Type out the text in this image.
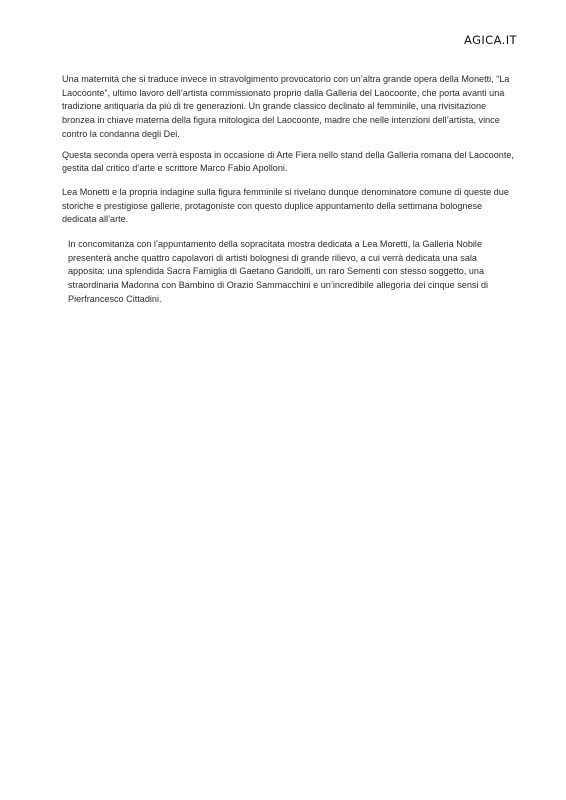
AGICA.IT

Una maternità che si traduce invece in stravolgimento provocatorio con un’altra grande opera della Monetti, “La Laocoonte”, ultimo lavoro dell’artista commissionato proprio dalla Galleria del Laocoonte, che porta avanti una tradizione antiquaria da più di tre generazioni. Un grande classico declinato al femminile, una rivisitazione bronzea in chiave materna della figura mitologica del Laocoonte, madre che nelle intenzioni dell’artista, vince contro la condanna degli Dei.

Questa seconda opera verrà esposta in occasione di Arte Fiera nello stand della Galleria romana del Laocoonte, gestita dal critico d’arte e scrittore Marco Fabio Apolloni.

Lea Monetti e la propria indagine sulla figura femminile si rivelano dunque denominatore comune di queste due storiche e prestigiose gallerie, protagoniste con questo duplice appuntamento della settimana bolognese dedicata all’arte.

In concomitanza con l’appuntamento della sopracitata mostra dedicata a Lea Moretti, la Galleria Nobile presenterà anche quattro capolavori di artisti bolognesi di grande rilievo, a cui verrà dedicata una sala apposita: una splendida Sacra Famiglia di Gaetano Gandolfi, un raro Sementi con stesso soggetto, una straordinaria Madonna con Bambino di Orazio Sammacchini e un’incredibile allegoria dei cinque sensi di Pierfrancesco Cittadini.
